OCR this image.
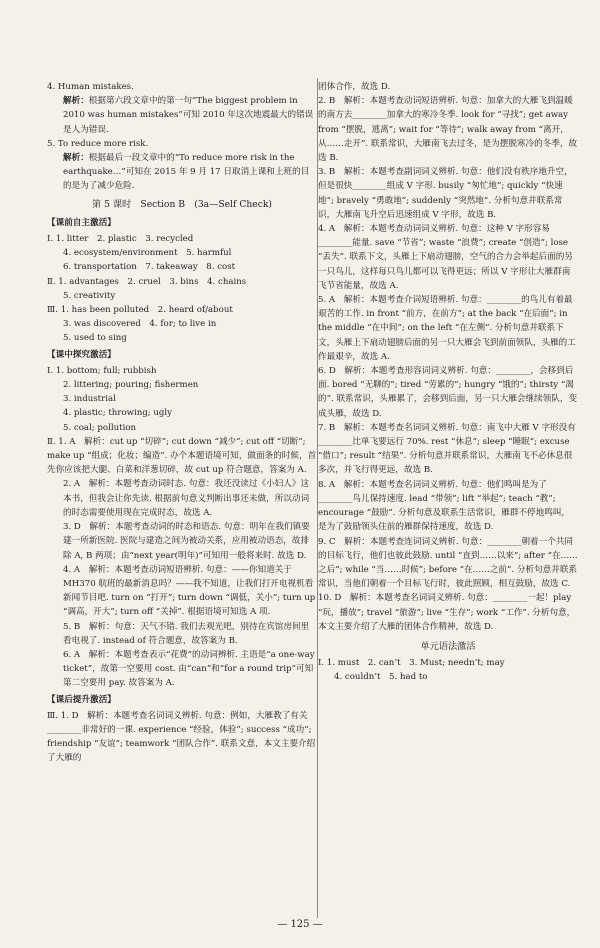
4. Human mistakes.

解析：根据第六段文章中的第一句“The biggest problem in 2010 was human mistakes”可知 2010 年这次地震最大的错误是人为错误.

5. To reduce more risk.

解析：根据最后一段文章中的“To reduce more risk in the earthquake…”可知在 2015 年 9 月 17 日取消上课和上班的目的是为了减少危险.

第 5 课时　Section B　(3a—Self Check)

【课前自主激活】

Ⅰ. 1. litter　2. plastic　3. recycled

4. ecosystem/environment　5. harmful

6. transportation　7. takeaway　8. cost

Ⅱ. 1. advantages　2. cruel　3. bins　4. chains

5. creativity

Ⅲ. 1. has been polluted　2. heard of/about

3. was discovered　4. for; to live in

5. used to sing

【课中探究激活】

Ⅰ. 1. bottom; full; rubbish

2. littering; pouring; fishermen

3. industrial

4. plastic; throwing; ugly

5. coal; pollution

Ⅱ. 1. A　解析：cut up “切碎”; cut down “减少”; cut off “切断”; make up “组成；化妆；编造”. 办个本题语境可知，做面条的时候，首先你应该把大腿、白菜和洋葱切碎，故 cut up 符合题意，答案为 A.

2. A　解析：本题考查动词时态. 句意：我还没读过《小妇人》这本书，但我会让你先读. 根据前句意义判断出事还未做，所以动词的时态需要使用现在完成时态，故选 A.

3. D　解析：本题考查动词的时态和语态. 句意：明年在我们镇要建一所新医院. 医院与建造之间为被动关系，应用被动语态，故排除 A, B 两项；由“next year(明年)”可知用一般将来时. 故选 D.

4. A　解析：本题考查动词短语辨析. 句意：——你知道关于 MH370 航班的最新消息吗？——我不知道，让我们打开电视机看新闻节目吧. turn on “打开”; turn down “调低，关小”; turn up “调高，开大”; turn off “关掉”. 根据语境可知选 A 项.

5. B　解析：句意：天气不错. 我们去观光吧，别待在宾馆房间里看电视了. instead of 符合题意，故答案为 B.

6. A　解析：本题考查表示“花费”的动词辨析. 主语是“a one-way ticket”，故第一空要用 cost. 由“can”和“for a round trip”可知第二空要用 pay. 故答案为 A.

【课后提升激活】

Ⅲ. 1. D　解析：本题考查名词词义辨析. 句意：例如，大雁教了有关________非常好的一课. experience “经验，体验”; success “成功”; friendship “友谊”; teamwork “团队合作”. 联系文意，本文主要介绍了大雁的

团体合作，故选 D.

2. B　解析：本题考查动词短语辨析. 句意：加拿大的大雁飞到温暖的南方去________加拿大的寒冷冬季. look for “寻找”; get away from “摆脱，逃离”; wait for “等待”; walk away from “离开，从……走开”. 联系常识，大雁南飞去过冬，是为摆脱寒冷的冬季，故选 B.

3. B　解析：本题考查副词词义辨析. 句意：他们没有秩序地升空，但是很快________组成 V 字形. busily “匆忙地”; quickly “快速地”; bravely “勇敢地”; suddenly “突然地”. 分析句意并联系常识，大雁南飞升空后迅速组成 V 字形，故选 B.

4. A　解析：本题考查动词词义辨析. 句意：这种 V 字形容易________能量. save “节省”; waste “浪费”; create “创造”; lose “丢失”. 联系下文，头雁上下扇动翅膀，空气的合力会举起后面的另一只鸟儿，这样每只鸟儿都可以飞得更远；所以 V 字形让大雁群南飞节省能量，故选 A.

5. A　解析：本题考查介词短语辨析. 句意：________的鸟儿有着最艰苦的工作. in front “前方，在前方”; at the back “在后面”; in the middle “在中间”; on the left “在左侧”. 分析句意并联系下文，头雁上下扇动翅膀后面的另一只大雁会飞到前面领队，头雁的工作最艰辛，故选 A.

6. D　解析：本题考查形容词词义辨析. 句意：________，会移到后面. bored “无聊的”; tired “劳累的”; hungry “饿的”; thirsty “渴的”. 联系常识，头雁累了，会移到后面，另一只大雁会继续领队，变成头雁，故选 D.

7. B　解析：本题考查名词词义辨析. 句意：南飞中大雁 V 字形没有________比单飞要远行 70%. rest “休息”; sleep “睡眠”; excuse “借口”; result “结果”. 分析句意并联系常识，大雁南飞不必休息很多次，并飞行得更远，故选 B.

8. A　解析：本题考查名词词义辨析. 句意：他们鸣叫是为了________鸟儿保持速度. lead “带领”; lift “举起”; teach “教”; encourage “鼓励”. 分析句意及联系生活常识，雁群不停地鸣叫，是为了鼓励领头住前的雁群保持速度，故选 D.

9. C　解析：本题考查连词词义辨析. 句意：________朝着一个共同的目标飞行，他们也彼此鼓励. until “直到……以来”; after “在……之后”; while “当……时候”; before “在……之前”. 分析句意并联系常识，当他们朝着一个目标飞行时，彼此照顾，相互鼓励，故选 C.

10. D　解析：本题考查名词词义辨析. 句意：________一起！play “玩，播放”; travel “旅游”; live “生存”; work “工作”. 分析句意，本文主要介绍了大雁的团体合作精神，故选 D.

单元语法激活

Ⅰ. 1. must　2. can’t　3. Must; needn’t; may

4. couldn’t　5. had to

— 125 —
